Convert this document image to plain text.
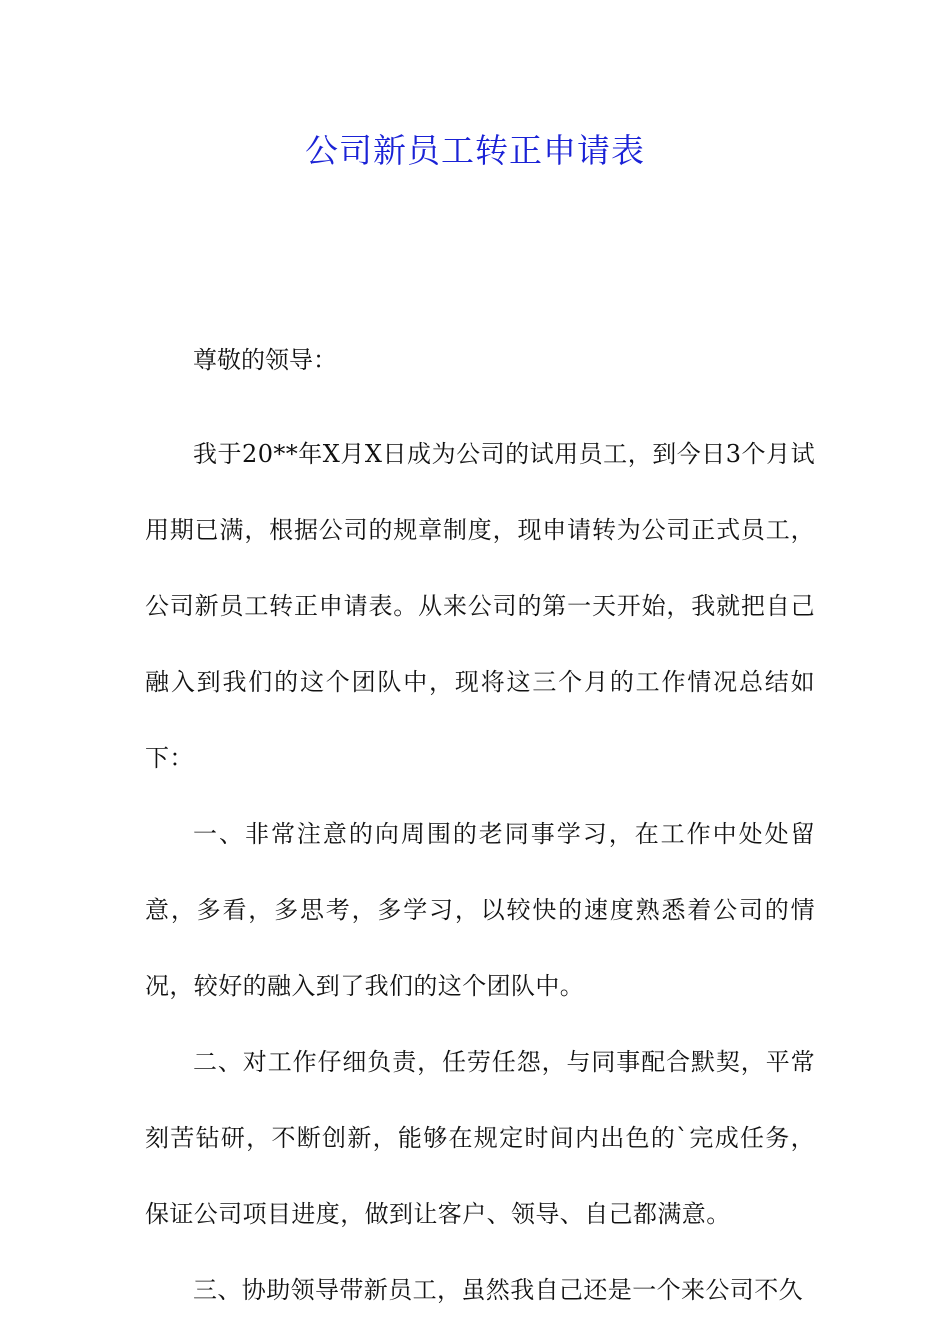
公司新员工转正申请表

尊敬的领导：

我于20**年X月X日成为公司的试用员工，到今日3个月试用期已满，根据公司的规章制度，现申请转为公司正式员工，公司新员工转正申请表。从来公司的第一天开始，我就把自己融入到我们的这个团队中，现将这三个月的工作情况总结如下：

一、非常注意的向周围的老同事学习，在工作中处处留意，多看，多思考，多学习，以较快的速度熟悉着公司的情况，较好的融入到了我们的这个团队中。

二、对工作仔细负责，任劳任怨，与同事配合默契，平常刻苦钻研，不断创新，能够在规定时间内出色的`完成任务，保证公司项目进度，做到让客户、领导、自己都满意。

三、协助领导带新员工，虽然我自己还是一个来公司不久
